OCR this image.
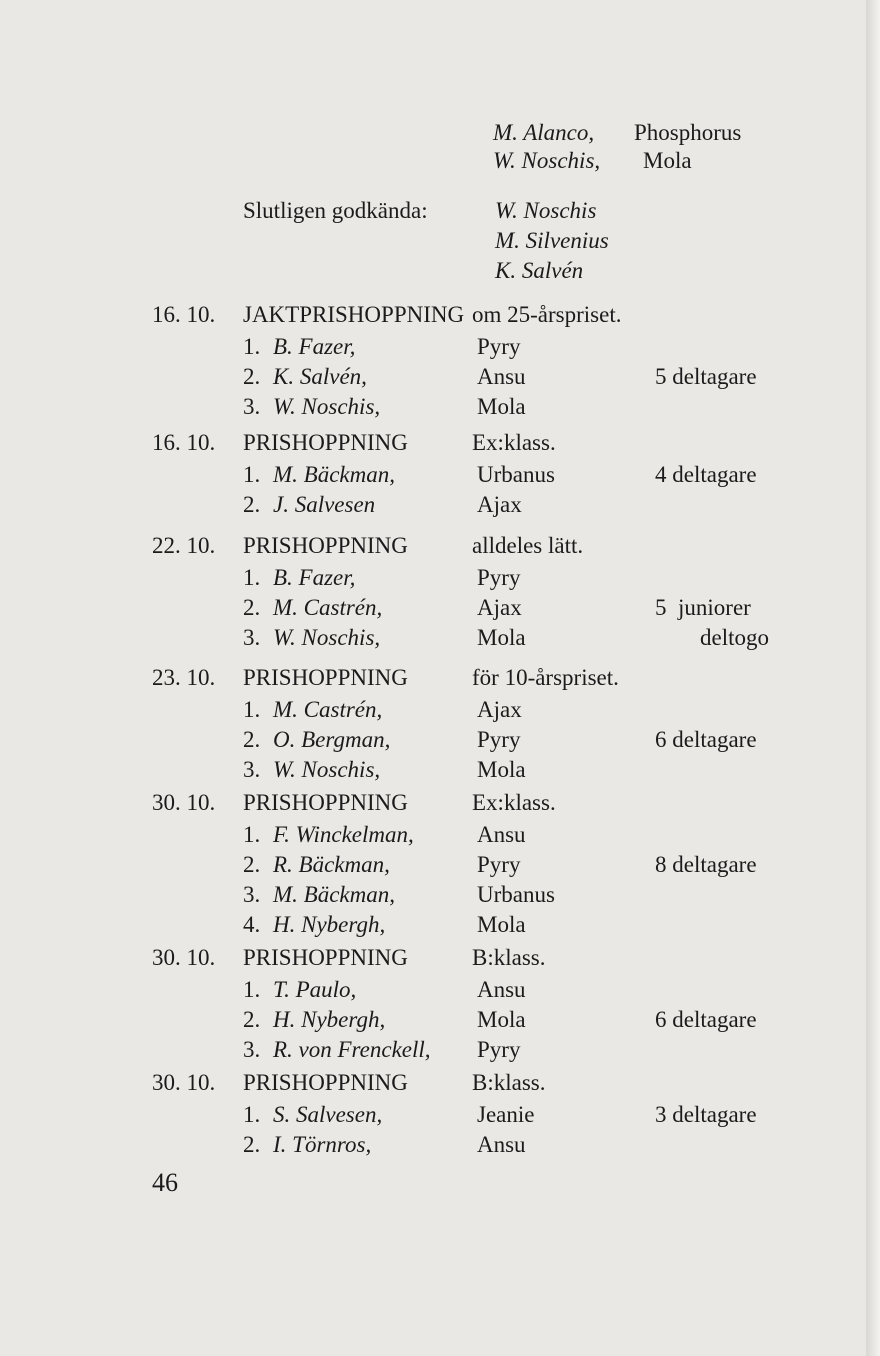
M. Alanco, Phosphorus
W. Noschis, Mola
Slutligen godkända:	W. Noschis
M. Silvenius
K. Salvén
16. 10. JAKTPRISHOPPNING om 25-årspriset.
1. B. Fazer,	Pyry
2. K. Salvén,	Ansu	5 deltagare
3. W. Noschis,	Mola
16. 10. PRISHOPPNING	Ex:klass.
1. M. Bäckman,	Urbanus	4 deltagare
2. J. Salvesen	Ajax
22. 10. PRISHOPPNING	alldeles lätt.
1. B. Fazer,	Pyry
2. M. Castrén,	Ajax	5  juniorer
3. W. Noschis,	Mola	deltogo
23. 10. PRISHOPPNING	för 10-årspriset.
1. M. Castrén,	Ajax
2. O. Bergman,	Pyry	6 deltagare
3. W. Noschis,	Mola
30. 10. PRISHOPPNING	Ex:klass.
1. F. Winckelman,	Ansu
2. R. Bäckman,	Pyry	8 deltagare
3. M. Bäckman,	Urbanus
4. H. Nybergh,	Mola
30. 10. PRISHOPPNING	B:klass.
1. T. Paulo,	Ansu
2. H. Nybergh,	Mola	6 deltagare
3. R. von Frenckell, Pyry
30. 10. PRISHOPPNING	B:klass.
1. S. Salvesen,	Jeanie	3 deltagare
2. I. Törnros,	Ansu
46
